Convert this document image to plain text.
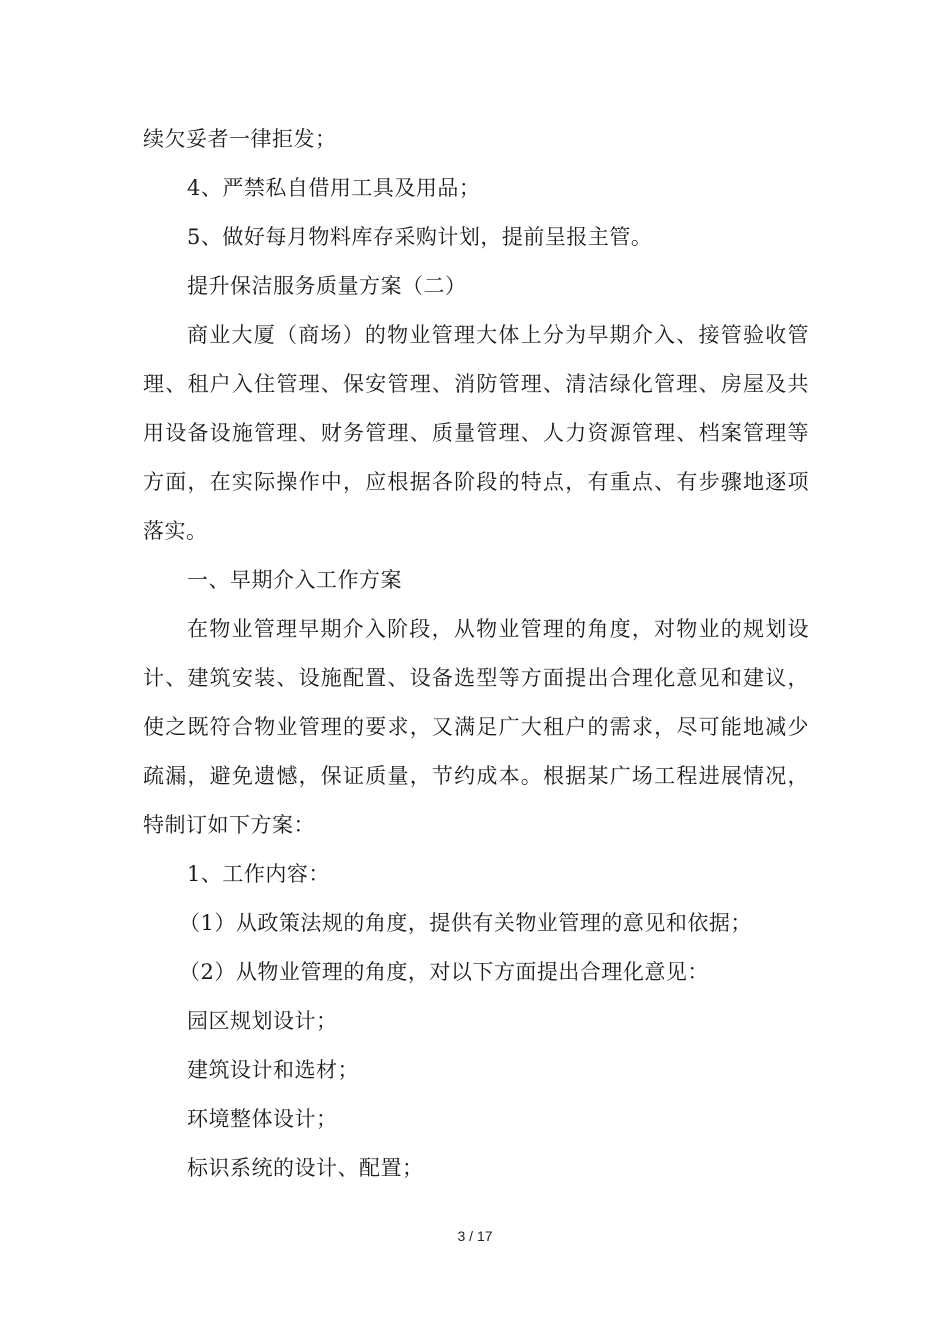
续欠妥者一律拒发；

4、严禁私自借用工具及用品；

5、做好每月物料库存采购计划，提前呈报主管。

提升保洁服务质量方案（二）

商业大厦（商场）的物业管理大体上分为早期介入、接管验收管理、租户入住管理、保安管理、消防管理、清洁绿化管理、房屋及共用设备设施管理、财务管理、质量管理、人力资源管理、档案管理等方面，在实际操作中，应根据各阶段的特点，有重点、有步骤地逐项落实。

一、早期介入工作方案

在物业管理早期介入阶段，从物业管理的角度，对物业的规划设计、建筑安装、设施配置、设备选型等方面提出合理化意见和建议，使之既符合物业管理的要求，又满足广大租户的需求，尽可能地减少疏漏，避免遗憾，保证质量，节约成本。根据某广场工程进展情况，特制订如下方案：

1、工作内容：

（1）从政策法规的角度，提供有关物业管理的意见和依据；

（2）从物业管理的角度，对以下方面提出合理化意见：

园区规划设计；

建筑设计和选材；

环境整体设计；

标识系统的设计、配置；

3 / 17
